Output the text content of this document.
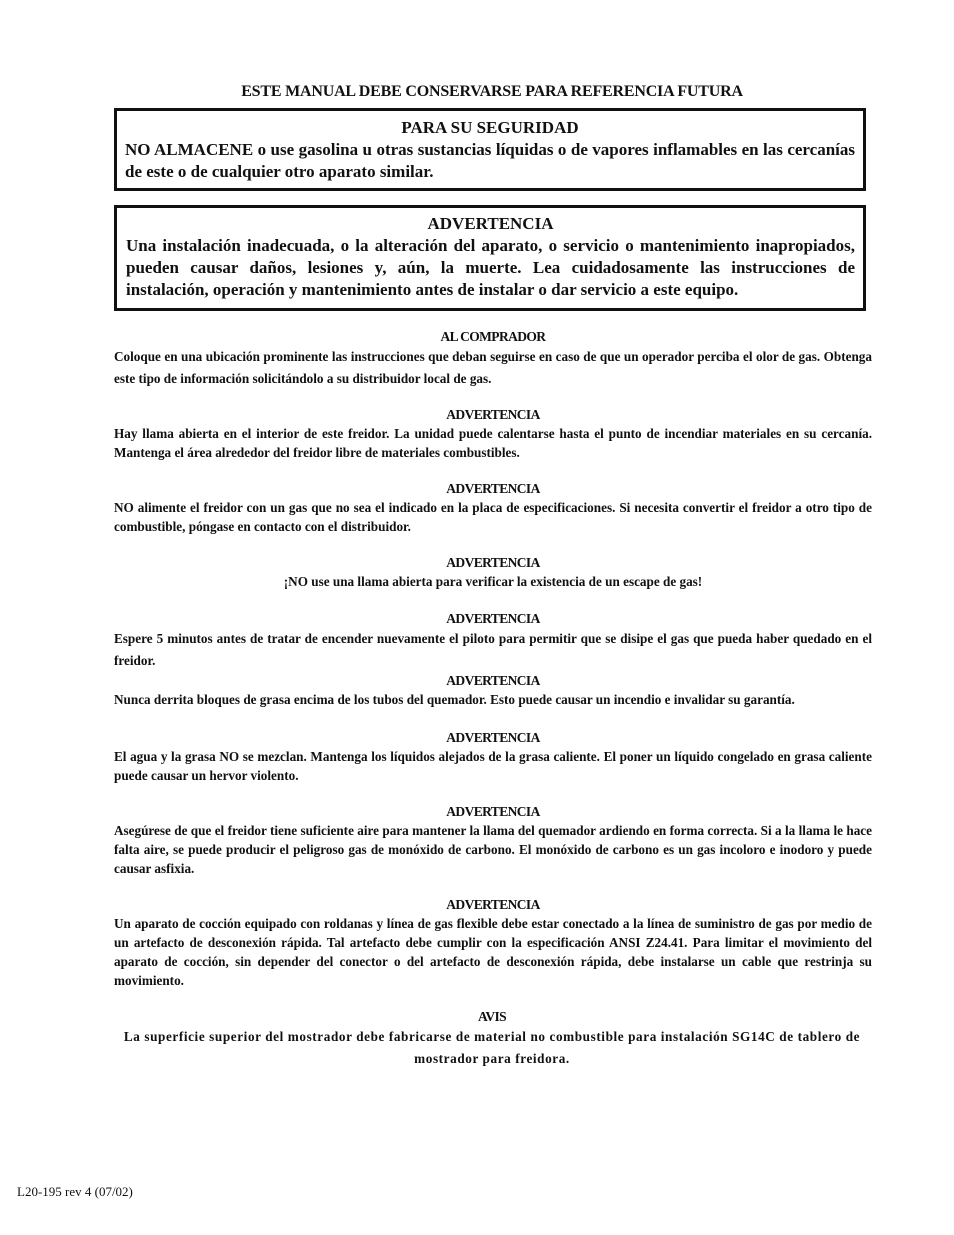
ESTE MANUAL DEBE CONSERVARSE PARA REFERENCIA FUTURA
PARA SU SEGURIDAD
NO ALMACENE o use gasolina u otras sustancias líquidas o de vapores inflamables en las cercanías de este o de cualquier otro aparato similar.
ADVERTENCIA
Una instalación inadecuada, o la alteración del aparato, o servicio o mantenimiento inapropiados, pueden causar daños, lesiones y, aún, la muerte. Lea cuidadosamente las instrucciones de instalación, operación y mantenimiento antes de instalar o dar servicio a este equipo.
AL COMPRADOR
Coloque en una ubicación prominente las instrucciones que deban seguirse en caso de que un operador perciba el olor de gas. Obtenga este tipo de información solicitándolo a su distribuidor local de gas.
ADVERTENCIA
Hay llama abierta en el interior de este freidor. La unidad puede calentarse hasta el punto de incendiar materiales en su cercanía. Mantenga el área alrededor del freidor libre de materiales combustibles.
ADVERTENCIA
NO alimente el freidor con un gas que no sea el indicado en la placa de especificaciones. Si necesita convertir el freidor a otro tipo de combustible, póngase en contacto con el distribuidor.
ADVERTENCIA
¡NO use una llama abierta para verificar la existencia de un escape de gas!
ADVERTENCIA
Espere 5 minutos antes de tratar de encender nuevamente el piloto para permitir que se disipe el gas que pueda haber quedado en el freidor.
ADVERTENCIA
Nunca derrita bloques de grasa encima de los tubos del quemador. Esto puede causar un incendio e invalidar su garantía.
ADVERTENCIA
El agua y la grasa NO se mezclan. Mantenga los líquidos alejados de la grasa caliente. El poner un líquido congelado en grasa caliente puede causar un hervor violento.
ADVERTENCIA
Asegúrese de que el freidor tiene suficiente aire para mantener la llama del quemador ardiendo en forma correcta. Si a la llama le hace falta aire, se puede producir el peligroso gas de monóxido de carbono. El monóxido de carbono es un gas incoloro e inodoro y puede causar asfixia.
ADVERTENCIA
Un aparato de cocción equipado con roldanas y línea de gas flexible debe estar conectado a la línea de suministro de gas por medio de un artefacto de desconexión rápida. Tal artefacto debe cumplir con la especificación ANSI Z24.41. Para limitar el movimiento del aparato de cocción, sin depender del conector o del artefacto de desconexión rápida, debe instalarse un cable que restrinja su movimiento.
AVIS
La superficie superior del mostrador debe fabricarse de material no combustible para instalación SG14C de tablero de mostrador para freidora.
L20-195 rev 4 (07/02)
